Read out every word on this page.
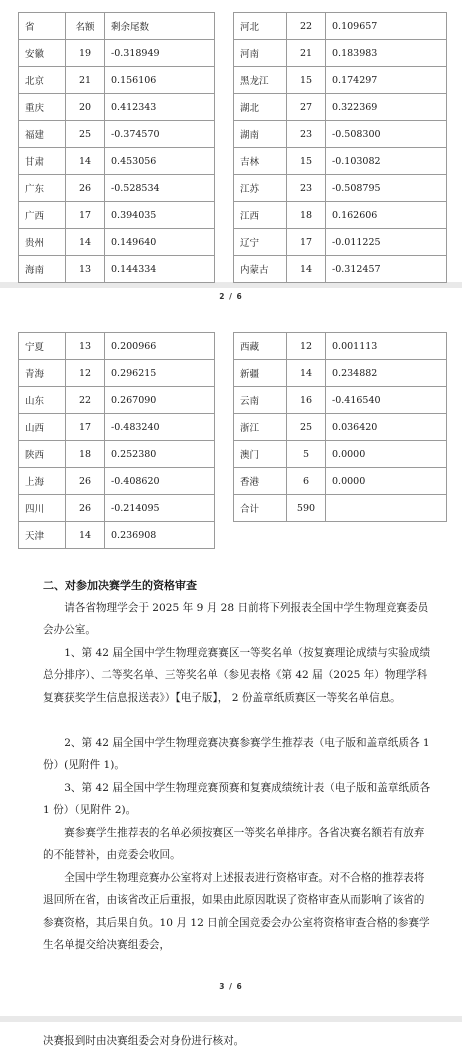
省	名额	剩余尾数
安徽	19	-0.318949
北京	21	0.156106
重庆	20	0.412343
福建	25	-0.374570
甘肃	14	0.453056
广东	26	-0.528534
广西	17	0.394035
贵州	14	0.149640
海南	13	0.144334
河北	22	0.109657
河南	21	0.183983
黑龙江	15	0.174297
湖北	27	0.322369
湖南	23	-0.508300
吉林	15	-0.103082
江苏	23	-0.508795
江西	18	0.162606
辽宁	17	-0.011225
内蒙古	14	-0.312457
2 / 6
宁夏	13	0.200966
青海	12	0.296215
山东	22	0.267090
山西	17	-0.483240
陕西	18	0.252380
上海	26	-0.408620
四川	26	-0.214095
天津	14	0.236908
西藏	12	0.001113
新疆	14	0.234882
云南	16	-0.416540
浙江	25	0.036420
澳门	5	0.0000
香港	6	0.0000
合计	590	
二、对参加决赛学生的资格审查

请各省物理学会于 2025 年 9 月 28 日前将下列报表全国中学生物理竞赛委员会办公室。

1、第 42 届全国中学生物理竞赛赛区一等奖名单（按复赛理论成绩与实验成绩总分排序）、二等奖名单、三等奖名单（参见表格《第 42 届（2025 年）物理学科复赛获奖学生信息报送表》）【电子版】， 2 份盖章纸质赛区一等奖名单信息。

2、第 42 届全国中学生物理竞赛决赛参赛学生推荐表（电子版和盖章纸质各 1 份）(见附件 1)。

3、第 42 届全国中学生物理竞赛预赛和复赛成绩统计表（电子版和盖章纸质各 1 份）（见附件 2)。

赛参赛学生推荐表的名单必须按赛区一等奖名单排序。各省决赛名额若有放弃的不能替补，由竞委会收回。

全国中学生物理竞赛办公室将对上述报表进行资格审查。对不合格的推荐表将退回所在省，由该省改正后重报，如果由此原因耽误了资格审查从而影响了该省的参赛资格，其后果自负。10 月 12 日前全国竞委会办公室将资格审查合格的参赛学生名单提交给决赛组委会，

3 / 6

决赛报到时由决赛组委会对身份进行核对。
